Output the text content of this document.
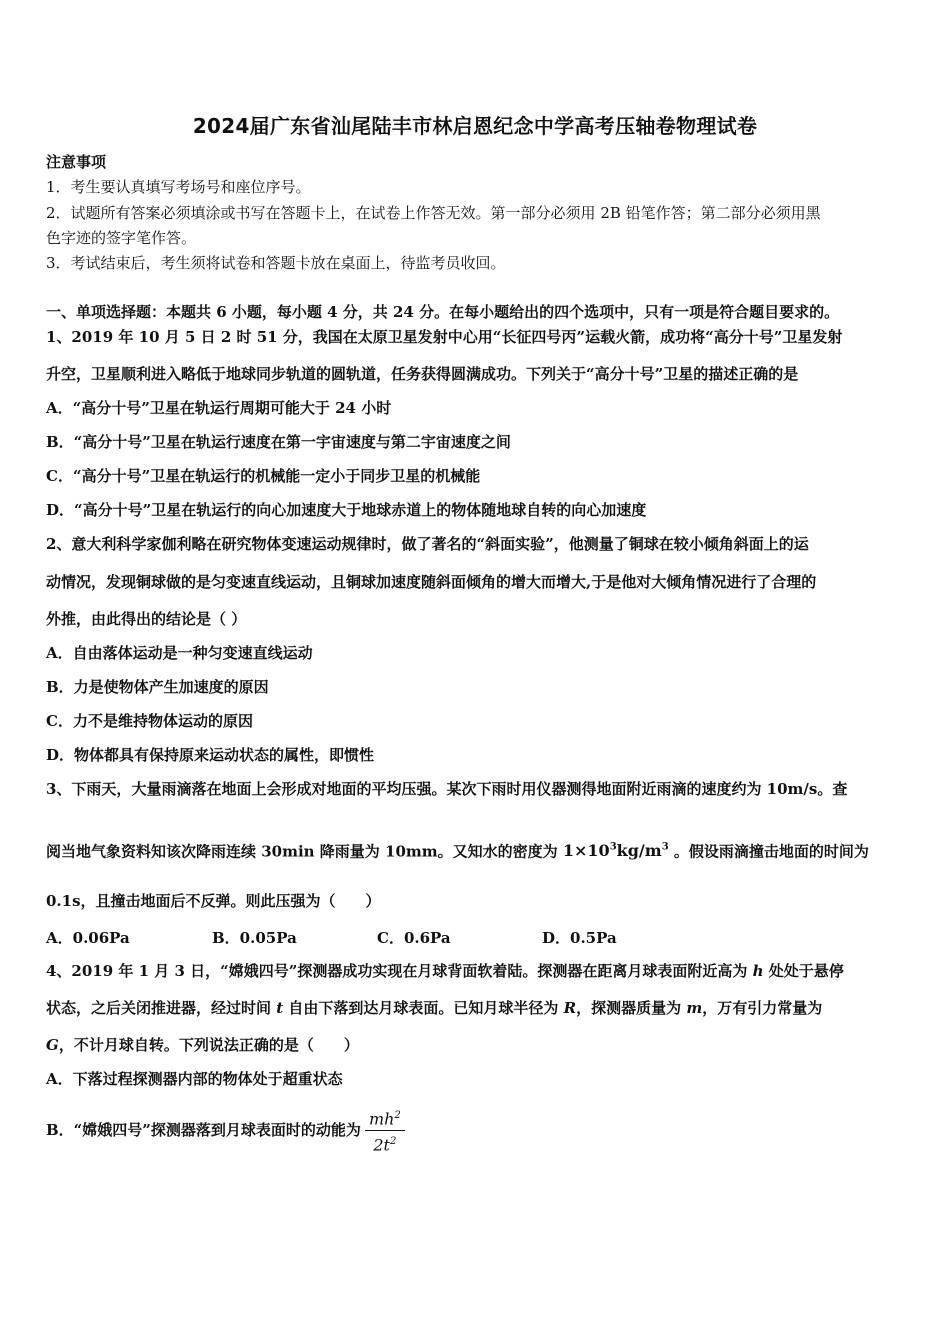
2024届广东省汕尾陆丰市林启恩纪念中学高考压轴卷物理试卷
注意事项
1．考生要认真填写考场号和座位序号。
2．试题所有答案必须填涂或书写在答题卡上，在试卷上作答无效。第一部分必须用 2B 铅笔作答；第二部分必须用黑
色字迹的签字笔作答。
3．考试结束后，考生须将试卷和答题卡放在桌面上，待监考员收回。
一、单项选择题：本题共 6 小题，每小题 4 分，共 24 分。在每小题给出的四个选项中，只有一项是符合题目要求的。
1、2019 年 10 月 5 日 2 时 51 分，我国在太原卫星发射中心用“长征四号丙”运载火箭，成功将“高分十号”卫星发射
升空，卫星顺利进入略低于地球同步轨道的圆轨道，任务获得圆满成功。下列关于“高分十号”卫星的描述正确的是
A．“高分十号”卫星在轨运行周期可能大于 24 小时
B．“高分十号”卫星在轨运行速度在第一宇宙速度与第二宇宙速度之间
C．“高分十号”卫星在轨运行的机械能一定小于同步卫星的机械能
D．“高分十号”卫星在轨运行的向心加速度大于地球赤道上的物体随地球自转的向心加速度
2、意大利科学家伽利略在研究物体变速运动规律时，做了著名的“斜面实验”，他测量了铜球在较小倾角斜面上的运
动情况，发现铜球做的是匀变速直线运动，且铜球加速度随斜面倾角的增大而增大,于是他对大倾角情况进行了合理的
外推，由此得出的结论是（ ）
A．自由落体运动是一种匀变速直线运动
B．力是使物体产生加速度的原因
C．力不是维持物体运动的原因
D．物体都具有保持原来运动状态的属性，即惯性
3、下雨天，大量雨滴落在地面上会形成对地面的平均压强。某次下雨时用仪器测得地面附近雨滴的速度约为 10m/s。查
阅当地气象资料知该次降雨连续 30min 降雨量为 10mm。又知水的密度为 $1\times 10^3kg/m^3$ 。假设雨滴撞击地面的时间为
0.1s，且撞击地面后不反弹。则此压强为（　　）
A．0.06Pa	B．0.05Pa	C．0.6Pa	D．0.5Pa
4、2019 年 1 月 3 日，“嫦娥四号”探测器成功实现在月球背面软着陆。探测器在距离月球表面附近高为 h 处处于悬停
状态，之后关闭推进器，经过时间 t 自由下落到达月球表面。已知月球半径为 R，探测器质量为 m，万有引力常量为
G，不计月球自转。下列说法正确的是（　　）
A．下落过程探测器内部的物体处于超重状态
B．“嫦娥四号”探测器落到月球表面时的动能为 $\frac{mh^2}{2t^2}$
